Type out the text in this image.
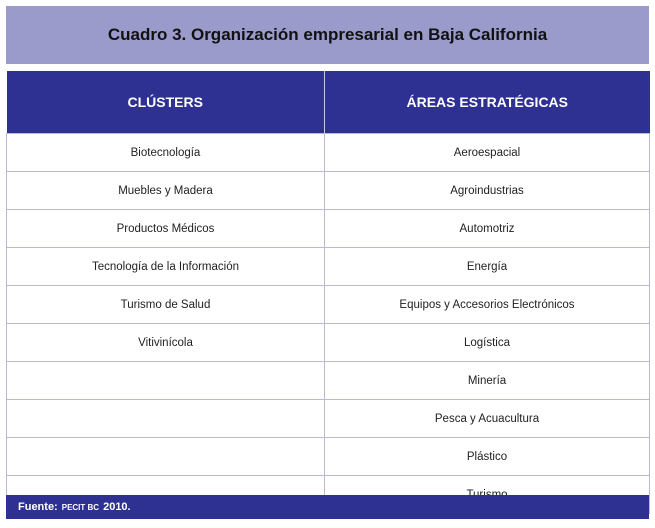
Cuadro 3. Organización empresarial en Baja California
CLÚSTERS	ÁREAS ESTRATÉGICAS
Biotecnología	Aeroespacial
Muebles y Madera	Agroindustrias
Productos Médicos	Automotriz
Tecnología de la Información	Energía
Turismo de Salud	Equipos y Accesorios Electrónicos
Vitivinícola	Logística
	Minería
	Pesca y Acuacultura
	Plástico

Fuente: PECIT BC 2010.
